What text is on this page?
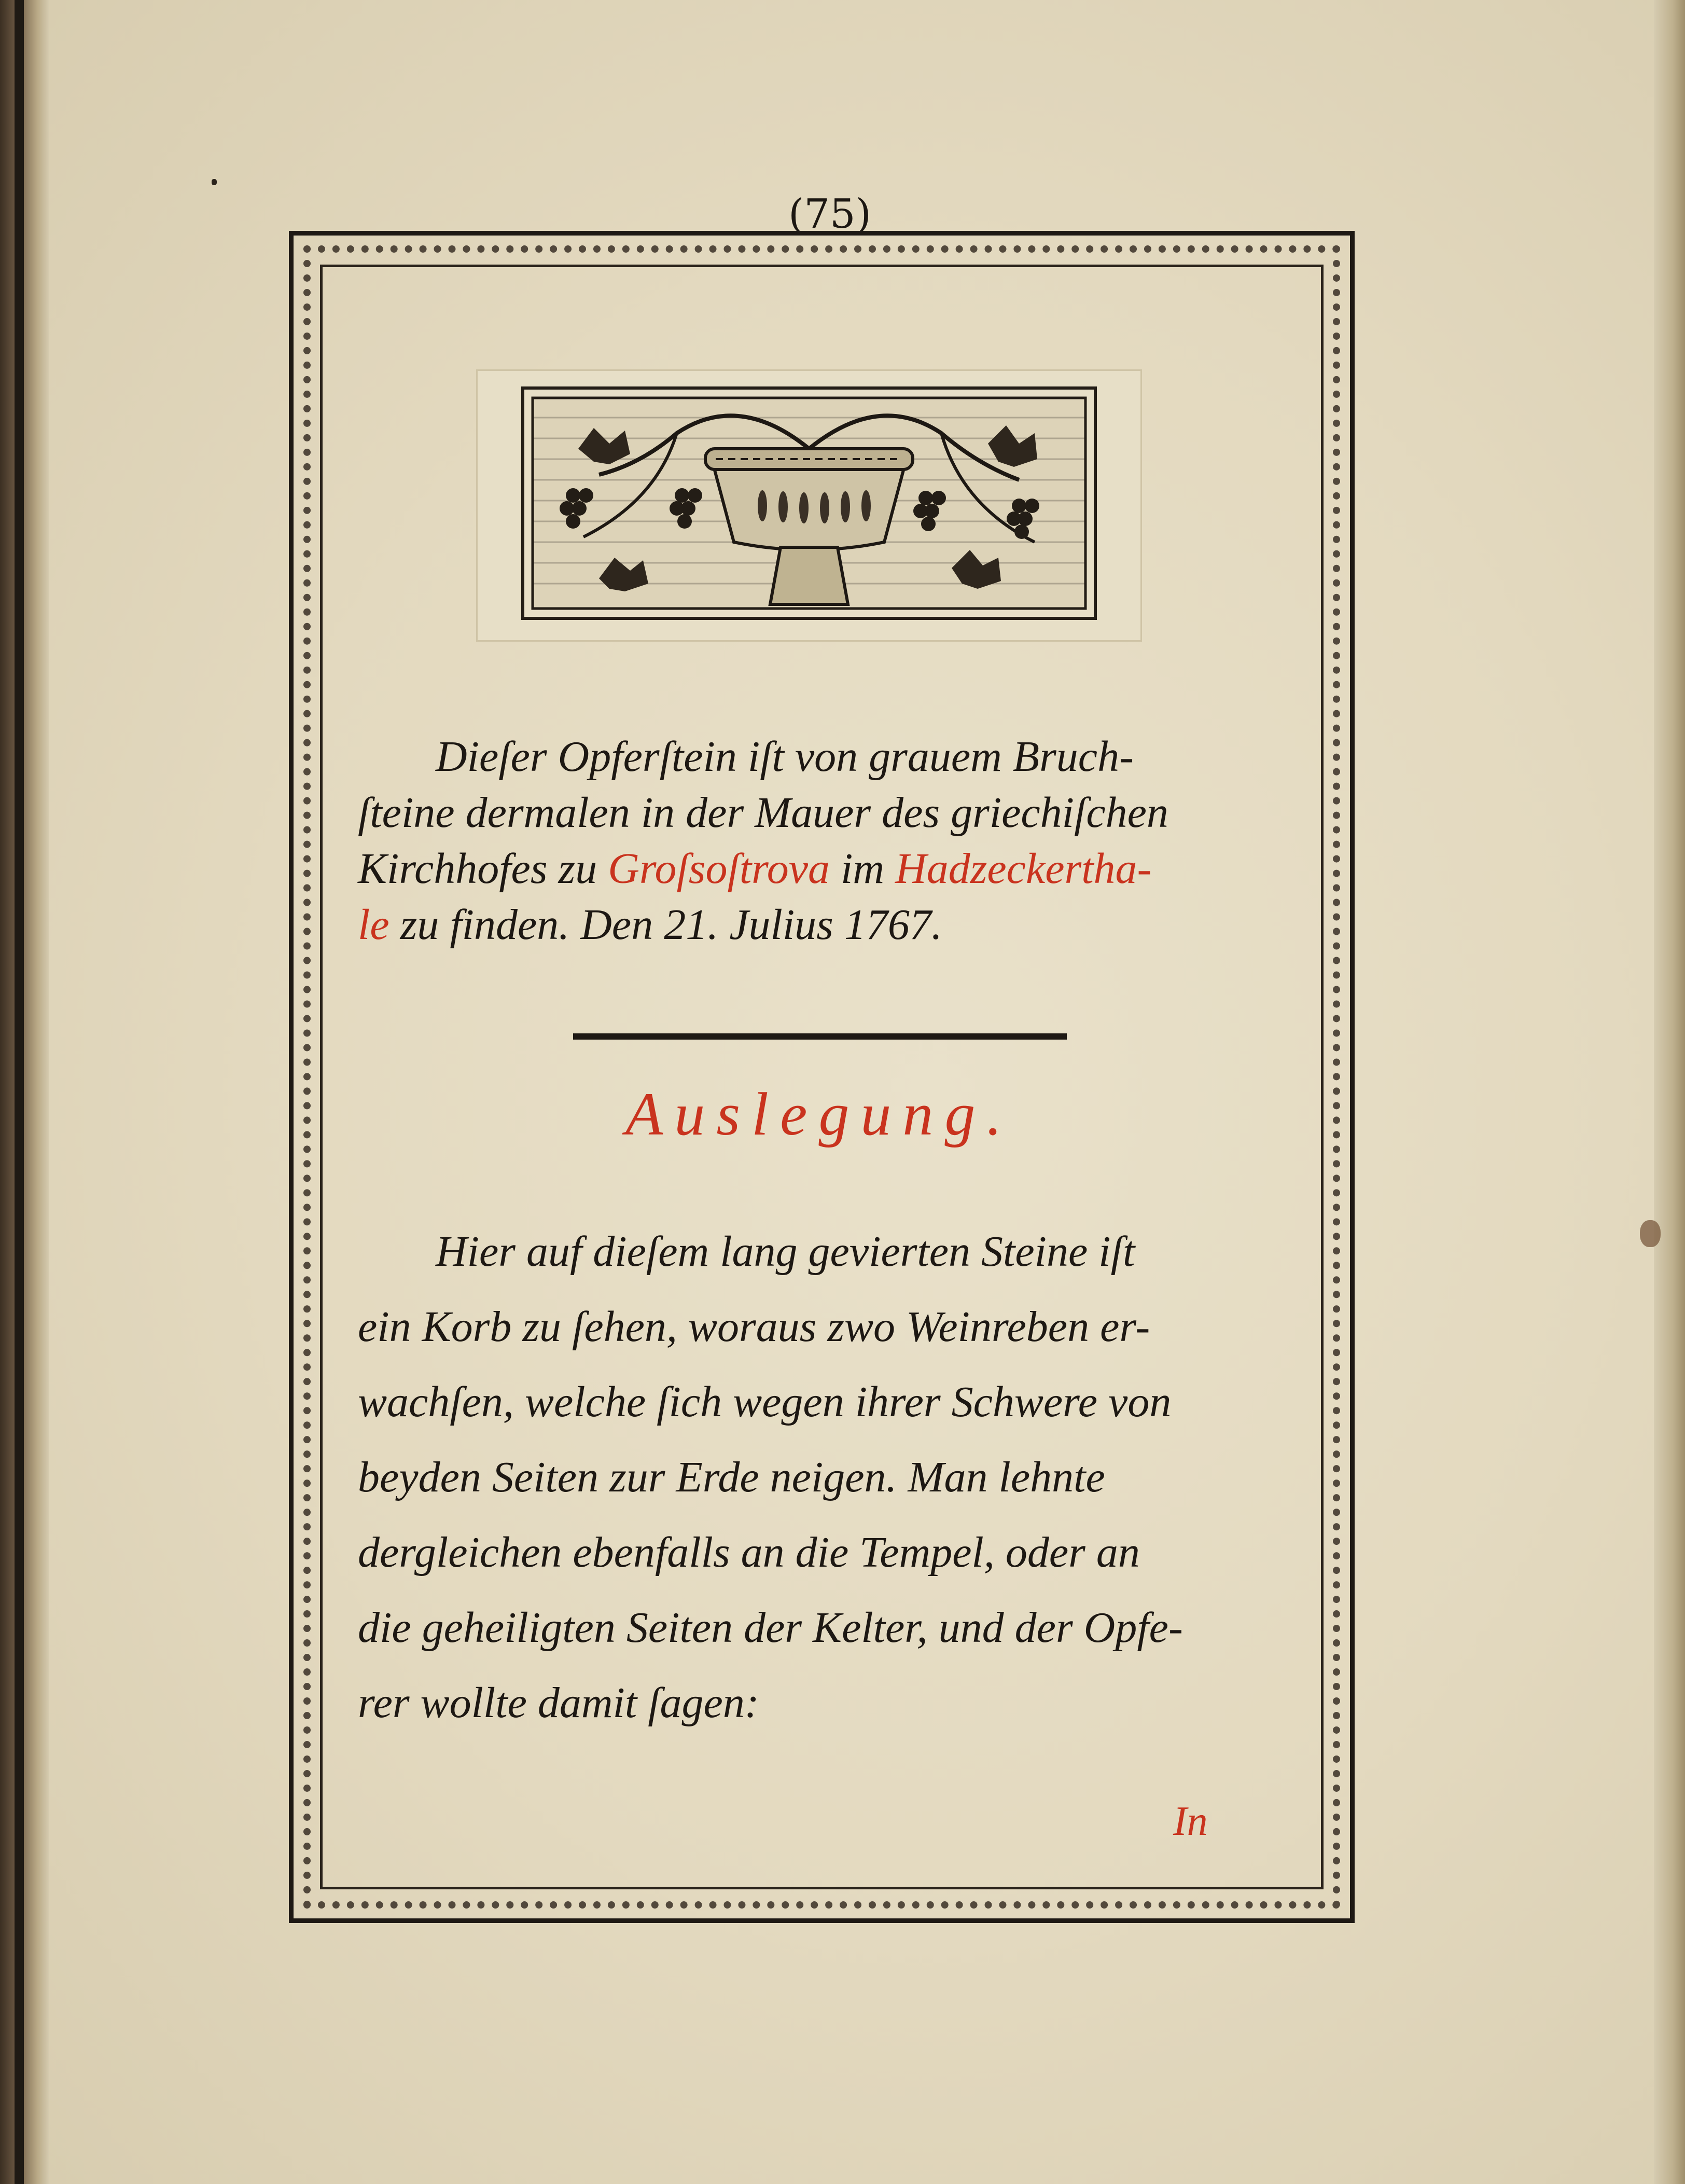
(75)
Dieſer Opferſtein iſt von grauem Bruch-
ſteine dermalen in der Mauer des griechiſchen
Kirchhofes zu Groſsoſtrova im Hadzeckertha-
le zu finden. Den 21. Julius 1767.
Auslegung.
Hier auf dieſem lang gevierten Steine iſt
ein Korb zu ſehen, woraus zwo Weinreben er-
wachſen, welche ſich wegen ihrer Schwere von
beyden Seiten zur Erde neigen. Man lehnte
dergleichen ebenfalls an die Tempel, oder an
die geheiligten Seiten der Kelter, und der Opfe-
rer wollte damit ſagen:
In
